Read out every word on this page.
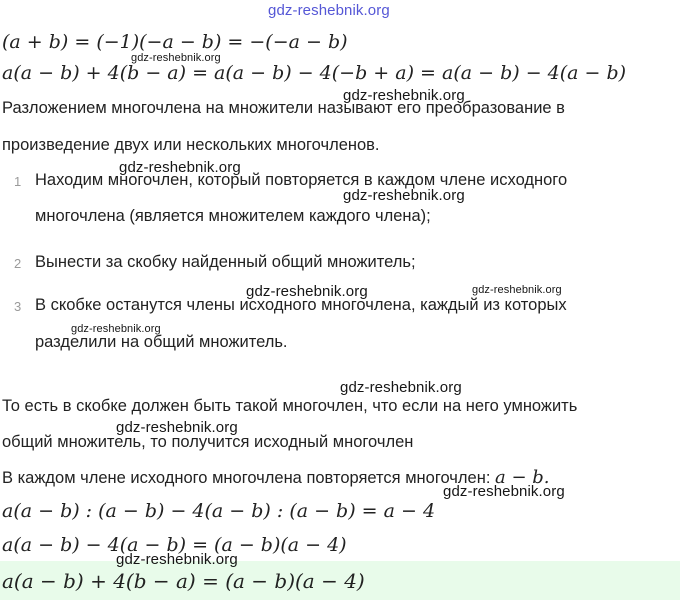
(a + b) = (−1)(−a − b) = −(−a − b)
a(a − b) + 4(b − a) = a(a − b) − 4(−b + a) = a(a − b) − 4(a − b)
Разложением многочлена на множители называют его преобразование в
произведение двух или нескольких многочленов.
1 Находим многочлен, который повторяется в каждом члене исходного
многочлена (является множителем каждого члена);
2 Вынести за скобку найденный общий множитель;
3 В скобке останутся члены исходного многочлена, каждый из которых
разделили на общий множитель.
То есть в скобке должен быть такой многочлен, что если на него умножить
общий множитель, то получится исходный многочлен
В каждом члене исходного многочлена повторяется многочлен: a − b.
a(a − b) : (a − b) − 4(a − b) : (a − b) = a − 4
a(a − b) − 4(a − b) = (a − b)(a − 4)
a(a − b) + 4(b − a) = (a − b)(a − 4)
gdz-reshebnik.org
gdz-reshebnik.org
gdz-reshebnik.org
gdz-reshebnik.org
gdz-reshebnik.org
gdz-reshebnik.org	gdz-reshebnik.org
gdz-reshebnik.org
gdz-reshebnik.org
gdz-reshebnik.org
gdz-reshebnik.org
gdz-reshebnik.org
